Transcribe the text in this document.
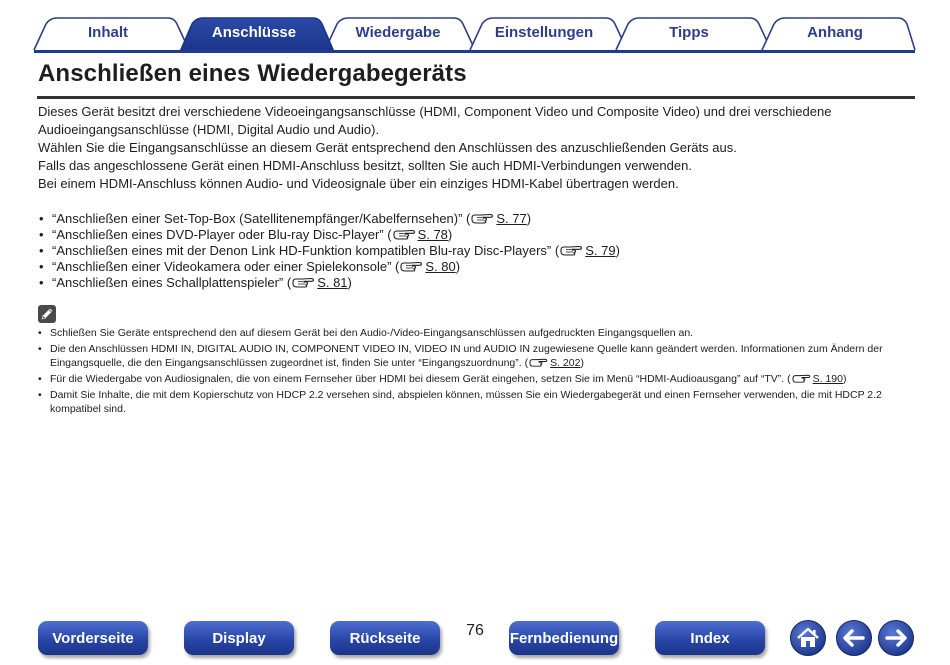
Inhalt	Anschlüsse	Wiedergabe	Einstellungen	Tipps	Anhang
Anschließen eines Wiedergabegeräts

Dieses Gerät besitzt drei verschiedene Videoeingangsanschlüsse (HDMI, Component Video und Composite Video) und drei verschiedene Audioeingangsanschlüsse (HDMI, Digital Audio und Audio).

Wählen Sie die Eingangsanschlüsse an diesem Gerät entsprechend den Anschlüssen des anzuschließenden Geräts aus.

Falls das angeschlossene Gerät einen HDMI-Anschluss besitzt, sollten Sie auch HDMI-Verbindungen verwenden.

Bei einem HDMI-Anschluss können Audio- und Videosignale über ein einziges HDMI-Kabel übertragen werden.

• “Anschließen einer Set-Top-Box (Satellitenempfänger/Kabelfernsehen)” ( S. 77)
• “Anschließen eines DVD-Player oder Blu-ray Disc-Player” ( S. 78)
• “Anschließen eines mit der Denon Link HD-Funktion kompatiblen Blu-ray Disc-Players” ( S. 79)
• “Anschließen einer Videokamera oder einer Spielekonsole” ( S. 80)
• “Anschließen eines Schallplattenspieler” ( S. 81)
• Schließen Sie Geräte entsprechend den auf diesem Gerät bei den Audio-/Video-Eingangsanschlüssen aufgedruckten Eingangsquellen an.
• Die den Anschlüssen HDMI IN, DIGITAL AUDIO IN, COMPONENT VIDEO IN, VIDEO IN und AUDIO IN zugewiesene Quelle kann geändert werden. Informationen zum Ändern der Eingangsquelle, die den Eingangsanschlüssen zugeordnet ist, finden Sie unter “Eingangszuordnung”. ( S. 202)
• Für die Wiedergabe von Audiosignalen, die von einem Fernseher über HDMI bei diesem Gerät eingehen, setzen Sie im Menü “HDMI-Audioausgang” auf “TV”. ( S. 190)
• Damit Sie Inhalte, die mit dem Kopierschutz von HDCP 2.2 versehen sind, abspielen können, müssen Sie ein Wiedergabegerät und einen Fernseher verwenden, die mit HDCP 2.2 kompatibel sind.
Vorderseite	Display	Rückseite	76	Fernbedienung	Index
